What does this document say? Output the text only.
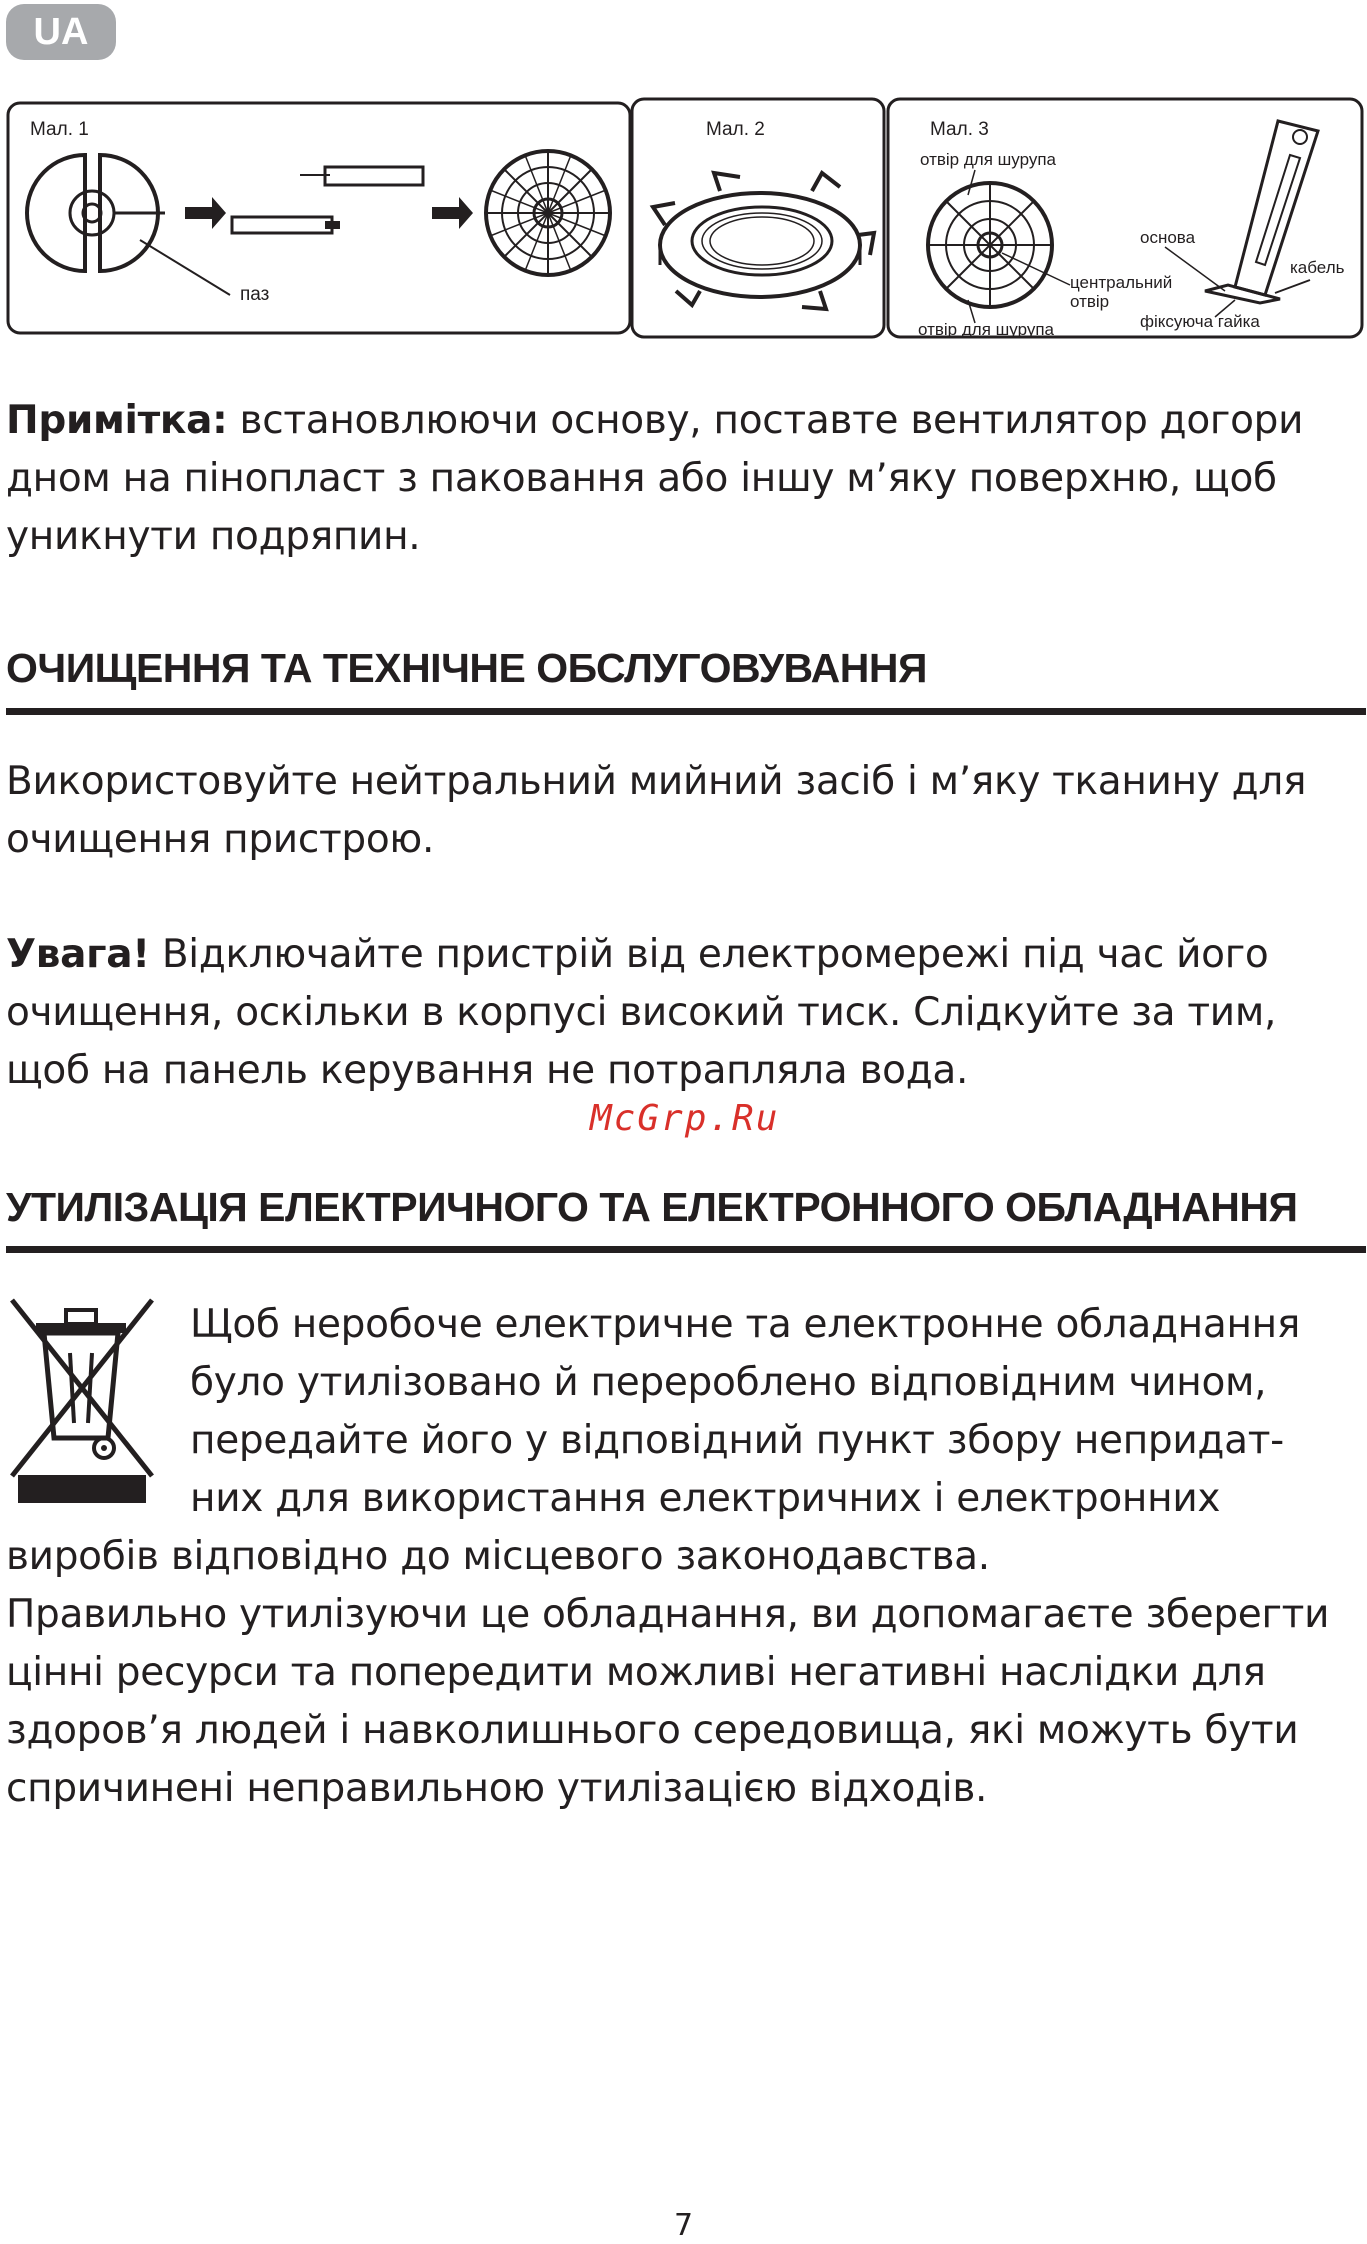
UA
Мал. 1
паз
Мал. 2	Мал. 3
отвір для шурупа
центральний
отвір
отвір для шурупа
основа
кабель
фіксуюча гайка

Примітка: встановлюючи основу, поставте вентилятор догори дном на пінопласт з паковання або іншу м’яку поверхню, щоб уникнути подряпин.

ОЧИЩЕННЯ ТА ТЕХНІЧНЕ ОБСЛУГОВУВАННЯ

Використовуйте нейтральний мийний засіб і м’яку тканину для очищення пристрою.

Увага! Відключайте пристрій від електромережі під час його очищення, оскільки в корпусі високий тиск. Слідкуйте за тим, щоб на панель керування не потрапляла вода.

McGrp.Ru
УТИЛІЗАЦІЯ ЕЛЕКТРИЧНОГО ТА ЕЛЕКТРОННОГО ОБЛАДНАННЯ
Щоб неробоче електричне та електронне обладнання
було утилізовано й перероблено відповідним чином,
передайте його у відповідний пункт збору непридат-
них для використання електричних і електронних
виробів відповідно до місцевого законодавства.

Правильно утилізуючи це обладнання, ви допомагаєте зберегти цінні ресурси та попередити можливі негативні наслідки для здоров’я людей і навколишнього середовища, які можуть бути спричинені неправильною утилізацією відходів.

7
